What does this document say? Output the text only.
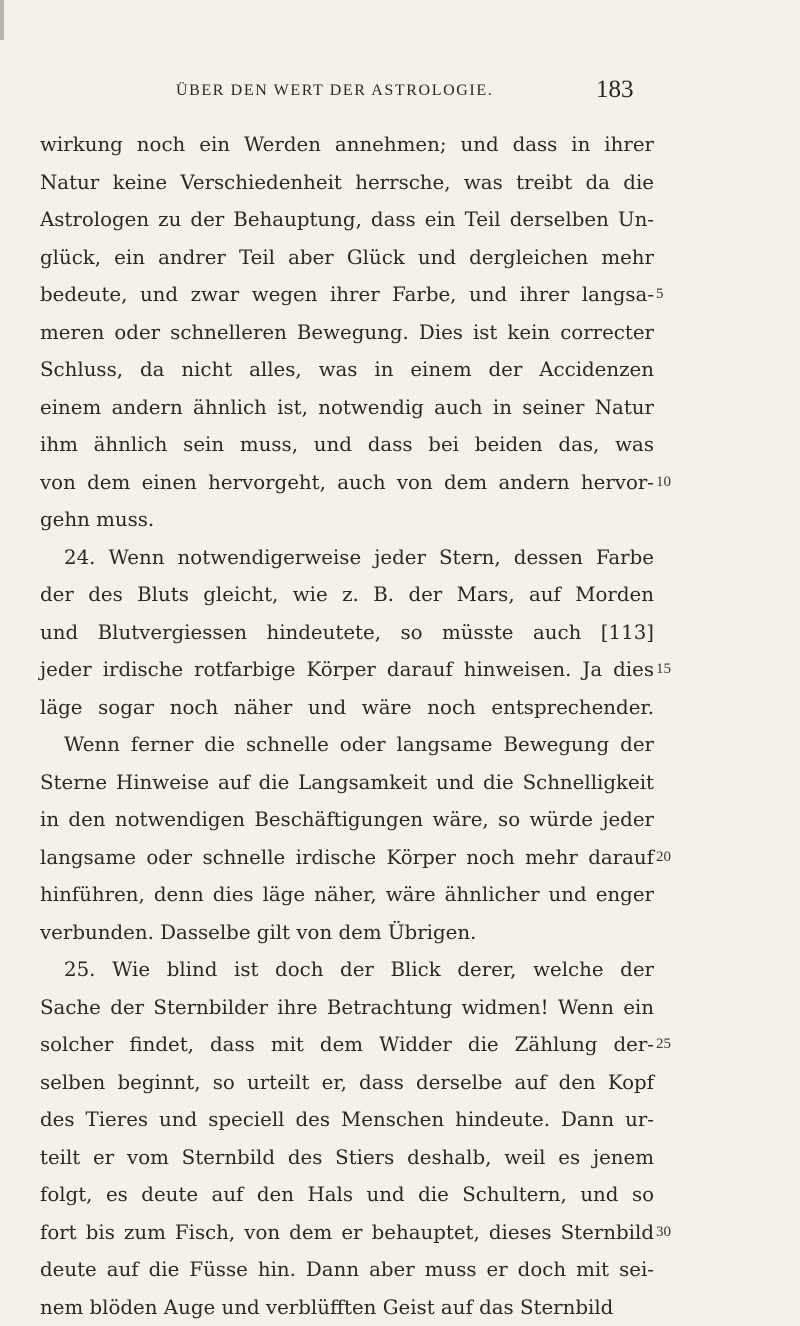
ÜBER DEN WERT DER ASTROLOGIE.	183
wirkung noch ein Werden annehmen; und dass in ihrer
Natur keine Verschiedenheit herrsche, was treibt da die
Astrologen zu der Behauptung, dass ein Teil derselben Un-
glück, ein andrer Teil aber Glück und dergleichen mehr
bedeute, und zwar wegen ihrer Farbe, und ihrer langsa- 5
meren oder schnelleren Bewegung. Dies ist kein correcter
Schluss, da nicht alles, was in einem der Accidenzen
einem andern ähnlich ist, notwendig auch in seiner Natur
ihm ähnlich sein muss, und dass bei beiden das, was
von dem einen hervorgeht, auch von dem andern hervor- 10
gehn muss.
24. Wenn notwendigerweise jeder Stern, dessen Farbe
der des Bluts gleicht, wie z. B. der Mars, auf Morden
und Blutvergiessen hindeutete, so müsste auch [113]
jeder irdische rotfarbige Körper darauf hinweisen. Ja dies 15
läge sogar noch näher und wäre noch entsprechender.
Wenn ferner die schnelle oder langsame Bewegung der
Sterne Hinweise auf die Langsamkeit und die Schnelligkeit
in den notwendigen Beschäftigungen wäre, so würde jeder
langsame oder schnelle irdische Körper noch mehr darauf 20
hinführen, denn dies läge näher, wäre ähnlicher und enger
verbunden. Dasselbe gilt von dem Übrigen.
25. Wie blind ist doch der Blick derer, welche der
Sache der Sternbilder ihre Betrachtung widmen! Wenn ein
solcher findet, dass mit dem Widder die Zählung der- 25
selben beginnt, so urteilt er, dass derselbe auf den Kopf
des Tieres und speciell des Menschen hindeute. Dann ur-
teilt er vom Sternbild des Stiers deshalb, weil es jenem
folgt, es deute auf den Hals und die Schultern, und so
fort bis zum Fisch, von dem er behauptet, dieses Sternbild 30
deute auf die Füsse hin. Dann aber muss er doch mit sei-
nem blöden Auge und verblüfften Geist auf das Sternbild
